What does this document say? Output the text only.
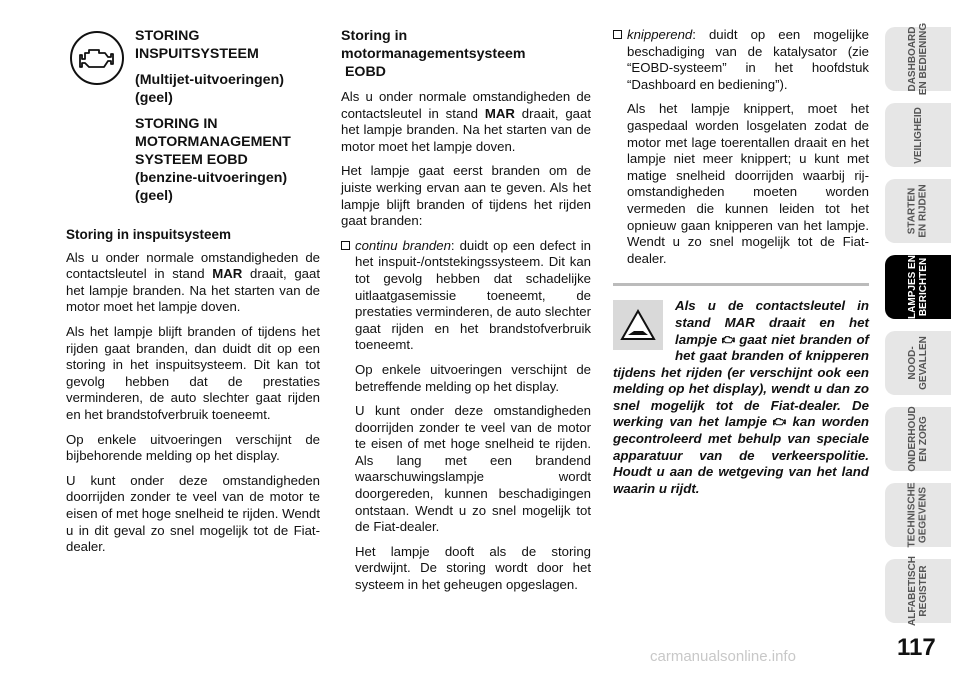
STORING
INSPUITSYSTEEM
(Multijet-uitvoeringen)
(geel)
STORING IN
MOTORMANAGEMENT
SYSTEEM EOBD
(benzine-uitvoeringen)
(geel)
Storing in inspuitsysteem

Als u onder normale omstandigheden de contactsleutel in stand MAR draait, gaat het lampje branden. Na het starten van de motor moet het lampje doven.

Als het lampje blijft branden of tijdens het rijden gaat branden, dan duidt dit op een storing in het inspuitsysteem. Dit kan tot gevolg hebben dat de prestaties verminderen, de auto slechter gaat rijden en het brandstofverbruik toeneemt.

Op enkele uitvoeringen verschijnt de bijbehorende melding op het display.

U kunt onder deze omstandigheden doorrijden zonder te veel van de motor te eisen of met hoge snelheid te rijden. Wendt u in dit geval zo snel mogelijk tot de Fiat-dealer.

Storing in
motormanagementsysteem
EOBD

Als u onder normale omstandigheden de contactsleutel in stand MAR draait, gaat het lampje branden. Na het starten van de motor moet het lampje doven.

Het lampje gaat eerst branden om de juiste werking ervan aan te geven. Als het lampje blijft branden of tijdens het rijden gaat branden:

continu branden: duidt op een defect in het inspuit-/ontstekingssysteem. Dit kan tot gevolg hebben dat schadelijke uitlaatgasemissie toeneemt, de prestaties verminderen, de auto slechter gaat rijden en het brandstofverbruik toeneemt.

Op enkele uitvoeringen verschijnt de betreffende melding op het display.

U kunt onder deze omstandigheden doorrijden zonder te veel van de motor te eisen of met hoge snelheid te rijden. Als lang met een brandend waarschuwingslampje wordt doorgereden, kunnen beschadigingen ontstaan. Wendt u zo snel mogelijk tot de Fiat-dealer.

Het lampje dooft als de storing verdwijnt. De storing wordt door het systeem in het geheugen opgeslagen.

knipperend: duidt op een mogelijke beschadiging van de katalysator (zie “EOBD-systeem” in het hoofdstuk “Dashboard en bediening”).

Als het lampje knippert, moet het gaspedaal worden losgelaten zodat de motor met lage toerentallen draait en het lampje niet meer knippert; u kunt met matige snelheid doorrijden waarbij rij-omstandigheden moeten worden vermeden die kunnen leiden tot het opnieuw gaan knipperen van het lampje. Wendt u zo snel mogelijk tot de Fiat-dealer.

Als u de contactsleutel in stand MAR draait en het lampje  gaat niet branden of het gaat branden of knipperen tijdens het rijden (er verschijnt ook een melding op het display), wendt u dan zo snel mogelijk tot de Fiat-dealer. De werking van het lampje  kan worden gecontroleerd met behulp van speciale apparatuur van de verkeerspolitie. Houdt u aan de wetgeving van het land waarin u rijdt.

DASHBOARD
EN BEDIENING
VEILIGHEID
STARTEN
EN RIJDEN
LAMPJES EN
BERICHTEN
NOOD-
GEVALLEN
ONDERHOUD
EN ZORG
TECHNISCHE
GEGEVENS
ALFABETISCH
REGISTER
117
carmanualsonline.info
